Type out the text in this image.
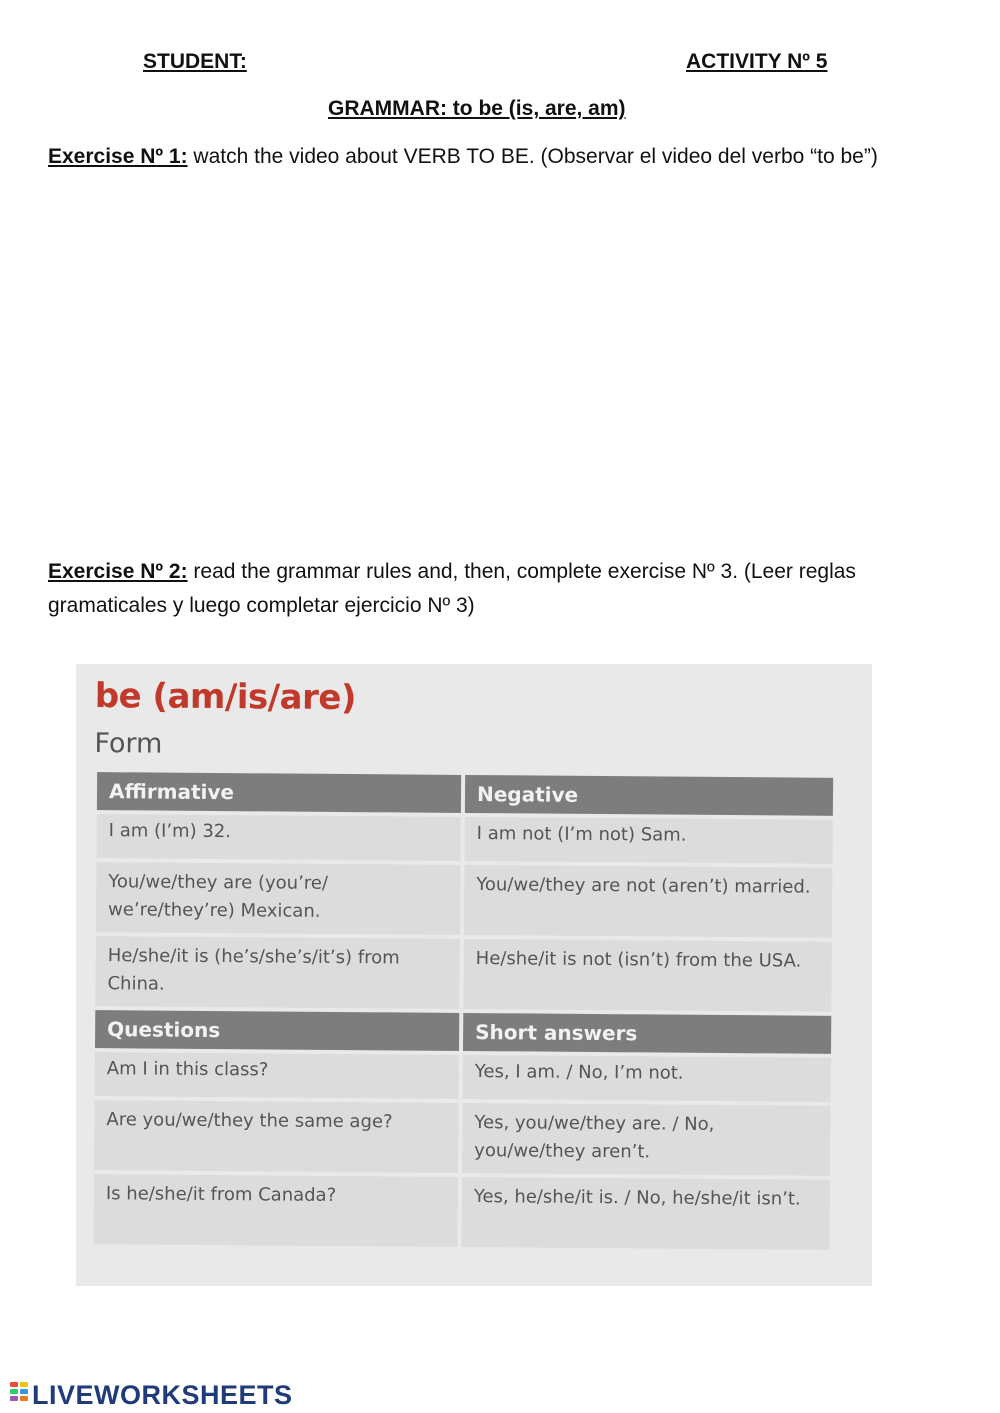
STUDENT:	ACTIVITY Nº 5
GRAMMAR: to be (is, are, am)
Exercise Nº 1: watch the video about VERB TO BE. (Observar el video del verbo “to be”)
Exercise Nº 2: read the grammar rules and, then, complete exercise Nº 3. (Leer reglas gramaticales y luego completar ejercicio Nº 3)
be (am/is/are)
Form
Affirmative	Negative
I am (I’m) 32.	I am not (I’m not) Sam.
You/we/they are (you’re/ we’re/they’re) Mexican.	You/we/they are not (aren’t) married.
He/she/it is (he’s/she’s/it’s) from China.	He/she/it is not (isn’t) from the USA.
Questions	Short answers
Am I in this class?	Yes, I am. / No, I’m not.
Are you/we/they the same age?	Yes, you/we/they are. / No, you/we/they aren’t.
Is he/she/it from Canada?	Yes, he/she/it is. / No, he/she/it isn’t.
LIVEWORKSHEETS
